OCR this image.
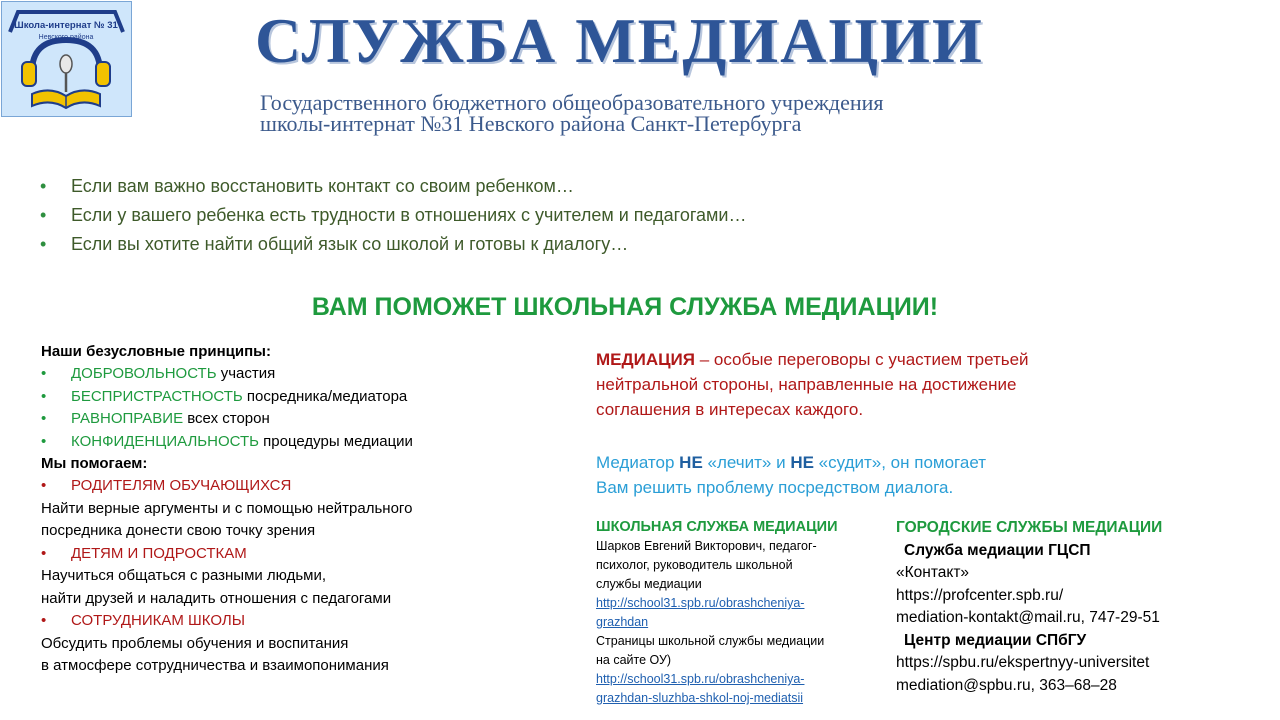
Школа-интернат № 31
Невского района	СЛУЖБА МЕДИАЦИИ
Государственного бюджетного общеобразовательного учреждения
школы-интернат №31 Невского района Санкт-Петербурга
• Если вам важно восстановить контакт со своим ребенком…
• Если у вашего ребенка есть трудности в отношениях с учителем и педагогами…
• Если вы хотите найти общий язык со школой и готовы к диалогу…
ВАМ ПОМОЖЕТ ШКОЛЬНАЯ СЛУЖБА МЕДИАЦИИ!
Наши безусловные принципы:
• ДОБРОВОЛЬНОСТЬ участия
• БЕСПРИСТРАСТНОСТЬ посредника/медиатора
• РАВНОПРАВИЕ всех сторон
• КОНФИДЕНЦИАЛЬНОСТЬ процедуры медиации
Мы помогаем:
• РОДИТЕЛЯМ ОБУЧАЮЩИХСЯ
Найти верные аргументы и с помощью нейтрального
посредника донести свою точку зрения
• ДЕТЯМ И ПОДРОСТКАМ
Научиться общаться с разными людьми,
найти друзей и наладить отношения с педагогами
• СОТРУДНИКАМ ШКОЛЫ
Обсудить проблемы обучения и воспитания
в атмосфере сотрудничества и взаимопонимания
МЕДИАЦИЯ – особые переговоры с участием третьей
нейтральной стороны, направленные на достижение
соглашения в интересах каждого.
Медиатор НЕ «лечит» и НЕ «судит», он помогает
Вам решить проблему посредством диалога.
ШКОЛЬНАЯ СЛУЖБА МЕДИАЦИИ
Шарков Евгений Викторович, педагог-
психолог, руководитель школьной
службы медиации
http://school31.spb.ru/obrashcheniya-
grazhdan
Страницы школьной службы медиации
на сайте ОУ)
http://school31.spb.ru/obrashcheniya-
grazhdan-sluzhba-shkol-noj-mediatsii
ГОРОДСКИЕ СЛУЖБЫ МЕДИАЦИИ
Служба медиации ГЦСП
«Контакт»
https://profcenter.spb.ru/
mediation-kontakt@mail.ru, 747-29-51
Центр медиации СПбГУ
https://spbu.ru/ekspertnyy-universitet
mediation@spbu.ru, 363–68–28
